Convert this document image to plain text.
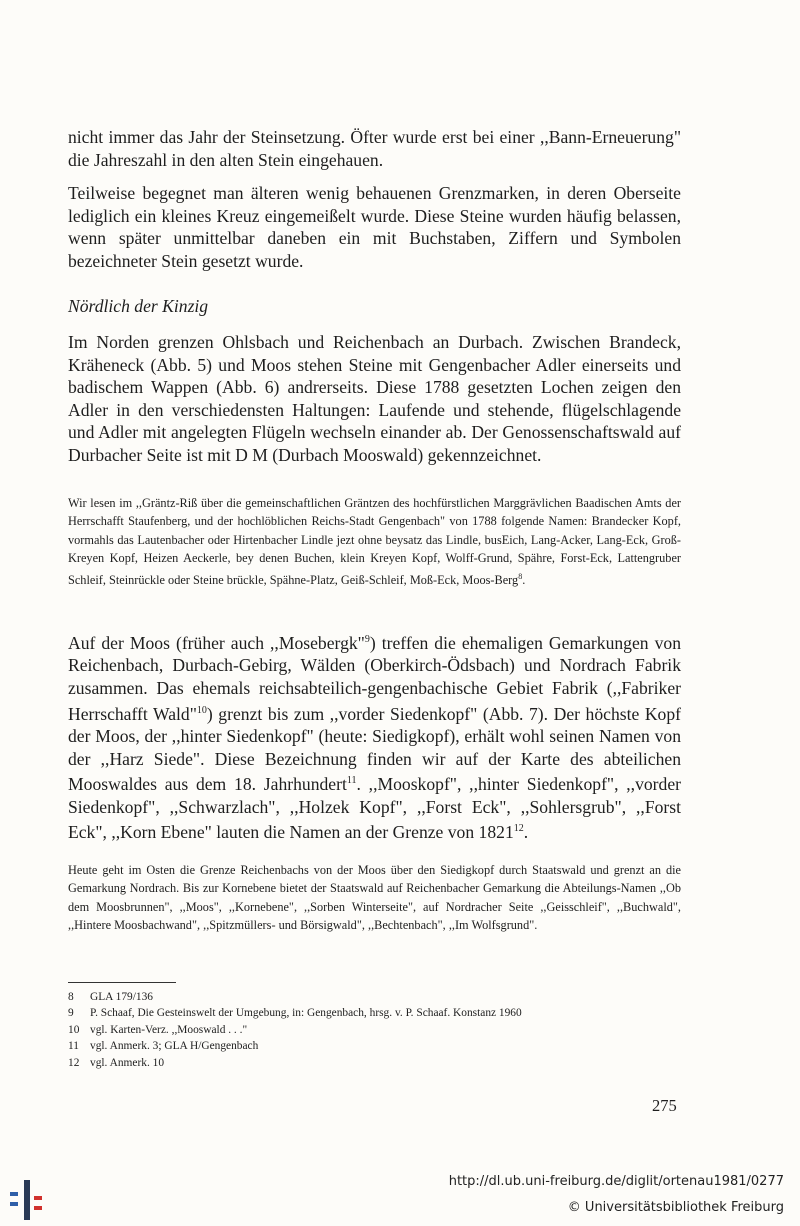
nicht immer das Jahr der Steinsetzung. Öfter wurde erst bei einer ,,Bann-Erneuerung" die Jahreszahl in den alten Stein eingehauen.

Teilweise begegnet man älteren wenig behauenen Grenzmarken, in deren Oberseite lediglich ein kleines Kreuz eingemeißelt wurde. Diese Steine wurden häufig belassen, wenn später unmittelbar daneben ein mit Buchstaben, Ziffern und Symbolen bezeichneter Stein gesetzt wurde.

Nördlich der Kinzig

Im Norden grenzen Ohlsbach und Reichenbach an Durbach. Zwischen Brandeck, Kräheneck (Abb. 5) und Moos stehen Steine mit Gengenbacher Adler einerseits und badischem Wappen (Abb. 6) andrerseits. Diese 1788 gesetzten Lochen zeigen den Adler in den verschiedensten Haltungen: Laufende und stehende, flügelschlagende und Adler mit angelegten Flügeln wechseln einander ab. Der Genossenschaftswald auf Durbacher Seite ist mit D M (Durbach Mooswald) gekennzeichnet.

Wir lesen im ,,Gräntz-Riß über die gemeinschaftlichen Gräntzen des hochfürstlichen Marggrävlichen Baadischen Amts der Herrschafft Staufenberg, und der hochlöblichen Reichs-Stadt Gengenbach" von 1788 folgende Namen: Brandecker Kopf, vormahls das Lautenbacher oder Hirtenbacher Lindle jezt ohne beysatz das Lindle, busEich, Lang-Acker, Lang-Eck, Groß-Kreyen Kopf, Heizen Aeckerle, bey denen Buchen, klein Kreyen Kopf, Wolff-Grund, Spähre, Forst-Eck, Lattengruber Schleif, Steinrückle oder Steine brückle, Spähne-Platz, Geiß-Schleif, Moß-Eck, Moos-Berg$^8$.

Auf der Moos (früher auch ,,Mosebergk"$^9$) treffen die ehemaligen Gemarkungen von Reichenbach, Durbach-Gebirg, Wälden (Oberkirch-Ödsbach) und Nordrach Fabrik zusammen. Das ehemals reichsabteilich-gengenbachische Gebiet Fabrik (,,Fabriker Herrschafft Wald"$^{10}$) grenzt bis zum ,,vorder Siedenkopf" (Abb. 7). Der höchste Kopf der Moos, der ,,hinter Siedenkopf" (heute: Siedigkopf), erhält wohl seinen Namen von der ,,Harz Siede". Diese Bezeichnung finden wir auf der Karte des abteilichen Mooswaldes aus dem 18. Jahrhundert$^{11}$. ,,Mooskopf", ,,hinter Siedenkopf", ,,vorder Siedenkopf", ,,Schwarzlach", ,,Holzek Kopf", ,,Forst Eck", ,,Sohlersgrub", ,,Forst Eck", ,,Korn Ebene" lauten die Namen an der Grenze von 1821$^{12}$.

Heute geht im Osten die Grenze Reichenbachs von der Moos über den Siedigkopf durch Staatswald und grenzt an die Gemarkung Nordrach. Bis zur Kornebene bietet der Staatswald auf Reichenbacher Gemarkung die Abteilungs-Namen ,,Ob dem Moosbrunnen", ,,Moos", ,,Kornebene", ,,Sorben Winterseite", auf Nordracher Seite ,,Geisschleif", ,,Buchwald", ,,Hintere Moosbachwand", ,,Spitzmüllers- und Börsigwald", ,,Bechtenbach", ,,Im Wolfsgrund".

8	GLA 179/136
9	P. Schaaf, Die Gesteinswelt der Umgebung, in: Gengenbach, hrsg. v. P. Schaaf. Konstanz 1960
10 vgl. Karten-Verz. ,,Mooswald . . ."
11 vgl. Anmerk. 3; GLA H/Gengenbach
12 vgl. Anmerk. 10
275
http://dl.ub.uni-freiburg.de/diglit/ortenau1981/0277
© Universitätsbibliothek Freiburg
